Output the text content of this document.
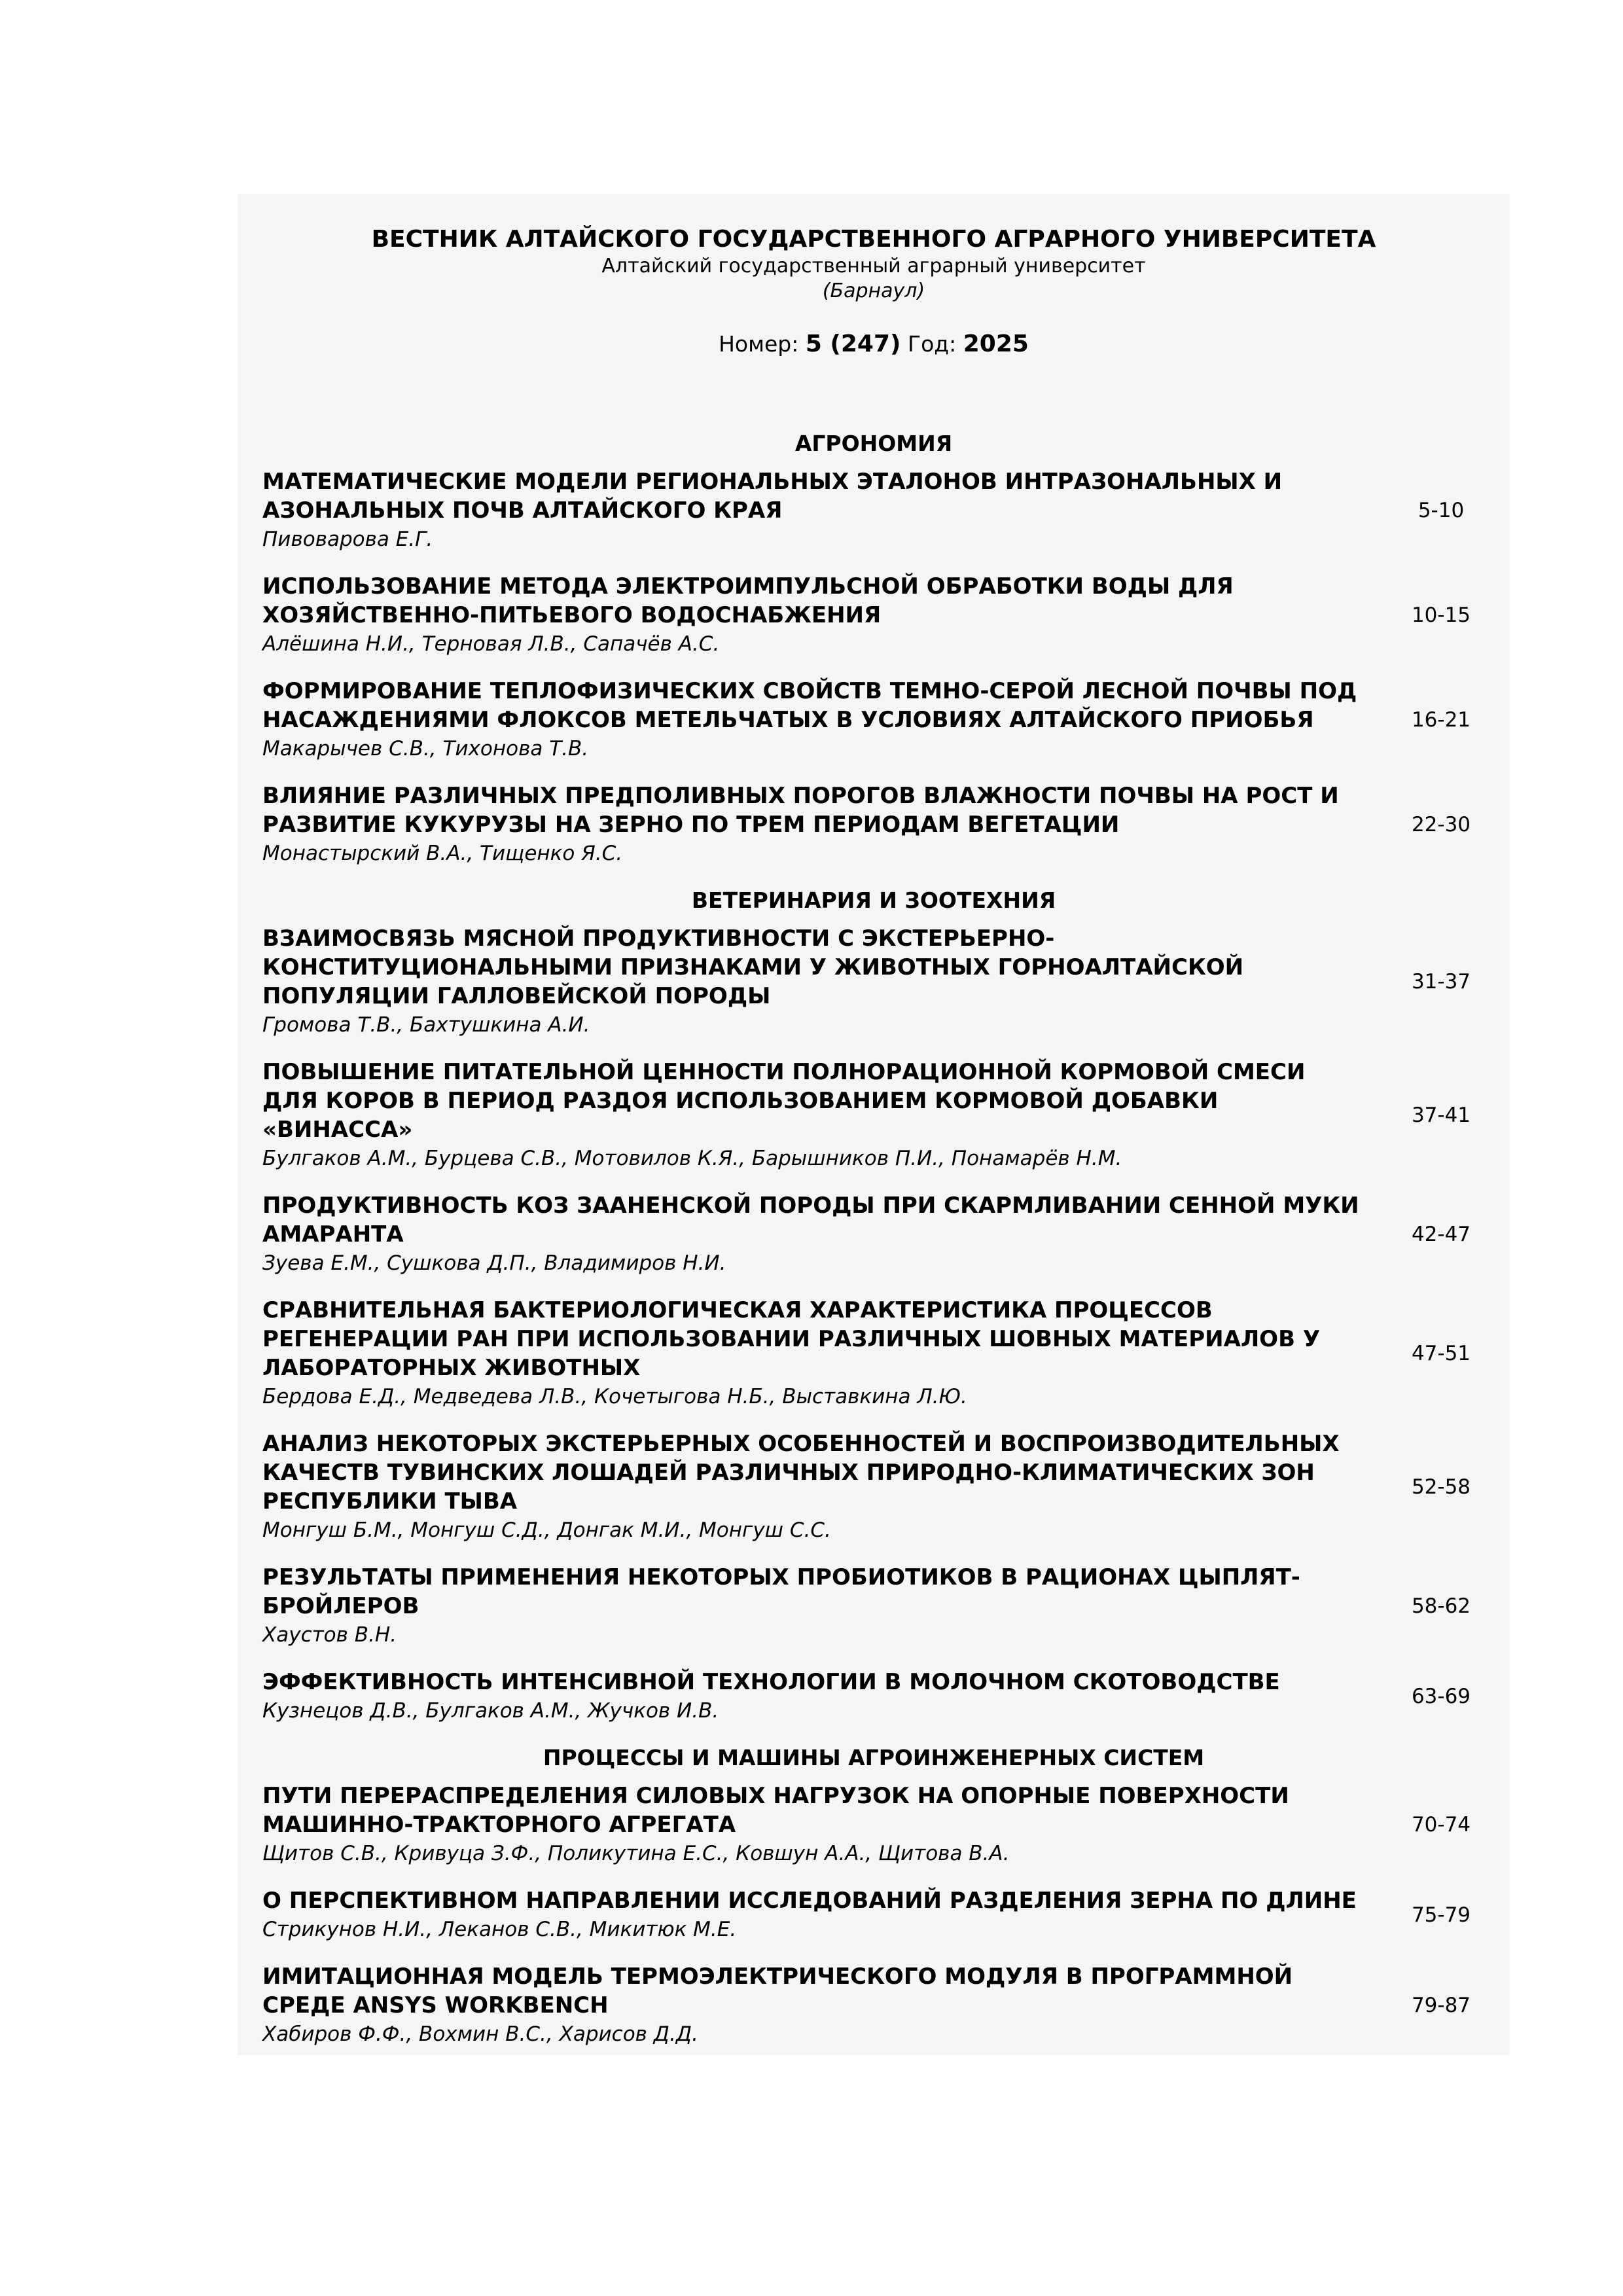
ВЕСТНИК АЛТАЙСКОГО ГОСУДАРСТВЕННОГО АГРАРНОГО УНИВЕРСИТЕТА
Алтайский государственный аграрный университет
(Барнаул)
Номер: 5 (247) Год: 2025
АГРОНОМИЯ
МАТЕМАТИЧЕСКИЕ МОДЕЛИ РЕГИОНАЛЬНЫХ ЭТАЛОНОВ ИНТРАЗОНАЛЬНЫХ И АЗОНАЛЬНЫХ ПОЧВ АЛТАЙСКОГО КРАЯ
Пивоварова Е.Г.
5-10
ИСПОЛЬЗОВАНИЕ МЕТОДА ЭЛЕКТРОИМПУЛЬСНОЙ ОБРАБОТКИ ВОДЫ ДЛЯ ХОЗЯЙСТВЕННО-ПИТЬЕВОГО ВОДОСНАБЖЕНИЯ
Алёшина Н.И., Терновая Л.В., Сапачёв А.С.
10-15
ФОРМИРОВАНИЕ ТЕПЛОФИЗИЧЕСКИХ СВОЙСТВ ТЕМНО-СЕРОЙ ЛЕСНОЙ ПОЧВЫ ПОД НАСАЖДЕНИЯМИ ФЛОКСОВ МЕТЕЛЬЧАТЫХ В УСЛОВИЯХ АЛТАЙСКОГО ПРИОБЬЯ
Макарычев С.В., Тихонова Т.В.
16-21
ВЛИЯНИЕ РАЗЛИЧНЫХ ПРЕДПОЛИВНЫХ ПОРОГОВ ВЛАЖНОСТИ ПОЧВЫ НА РОСТ И РАЗВИТИЕ КУКУРУЗЫ НА ЗЕРНО ПО ТРЕМ ПЕРИОДАМ ВЕГЕТАЦИИ
Монастырский В.А., Тищенко Я.С.
22-30
ВЕТЕРИНАРИЯ И ЗООТЕХНИЯ
ВЗАИМОСВЯЗЬ МЯСНОЙ ПРОДУКТИВНОСТИ С ЭКСТЕРЬЕРНО-КОНСТИТУЦИОНАЛЬНЫМИ ПРИЗНАКАМИ У ЖИВОТНЫХ ГОРНОАЛТАЙСКОЙ ПОПУЛЯЦИИ ГАЛЛОВЕЙСКОЙ ПОРОДЫ
Громова Т.В., Бахтушкина А.И.
31-37
ПОВЫШЕНИЕ ПИТАТЕЛЬНОЙ ЦЕННОСТИ ПОЛНОРАЦИОННОЙ КОРМОВОЙ СМЕСИ ДЛЯ КОРОВ В ПЕРИОД РАЗДОЯ ИСПОЛЬЗОВАНИЕМ КОРМОВОЙ ДОБАВКИ «ВИНАССА»
Булгаков А.М., Бурцева С.В., Мотовилов К.Я., Барышников П.И., Понамарёв Н.М.
37-41
ПРОДУКТИВНОСТЬ КОЗ ЗААНЕНСКОЙ ПОРОДЫ ПРИ СКАРМЛИВАНИИ СЕННОЙ МУКИ АМАРАНТА
Зуева Е.М., Сушкова Д.П., Владимиров Н.И.
42-47
СРАВНИТЕЛЬНАЯ БАКТЕРИОЛОГИЧЕСКАЯ ХАРАКТЕРИСТИКА ПРОЦЕССОВ РЕГЕНЕРАЦИИ РАН ПРИ ИСПОЛЬЗОВАНИИ РАЗЛИЧНЫХ ШОВНЫХ МАТЕРИАЛОВ У ЛАБОРАТОРНЫХ ЖИВОТНЫХ
Бердова Е.Д., Медведева Л.В., Кочетыгова Н.Б., Выставкина Л.Ю.
47-51
АНАЛИЗ НЕКОТОРЫХ ЭКСТЕРЬЕРНЫХ ОСОБЕННОСТЕЙ И ВОСПРОИЗВОДИТЕЛЬНЫХ КАЧЕСТВ ТУВИНСКИХ ЛОШАДЕЙ РАЗЛИЧНЫХ ПРИРОДНО-КЛИМАТИЧЕСКИХ ЗОН РЕСПУБЛИКИ ТЫВА
Монгуш Б.М., Монгуш С.Д., Донгак М.И., Монгуш С.С.
52-58
РЕЗУЛЬТАТЫ ПРИМЕНЕНИЯ НЕКОТОРЫХ ПРОБИОТИКОВ В РАЦИОНАХ ЦЫПЛЯТ-БРОЙЛЕРОВ
Хаустов В.Н.
58-62
ЭФФЕКТИВНОСТЬ ИНТЕНСИВНОЙ ТЕХНОЛОГИИ В МОЛОЧНОМ СКОТОВОДСТВЕ
Кузнецов Д.В., Булгаков А.М., Жучков И.В.
63-69
ПРОЦЕССЫ И МАШИНЫ АГРОИНЖЕНЕРНЫХ СИСТЕМ
ПУТИ ПЕРЕРАСПРЕДЕЛЕНИЯ СИЛОВЫХ НАГРУЗОК НА ОПОРНЫЕ ПОВЕРХНОСТИ МАШИННО-ТРАКТОРНОГО АГРЕГАТА
Щитов С.В., Кривуца З.Ф., Поликутина Е.С., Ковшун А.А., Щитова В.А.
70-74
О ПЕРСПЕКТИВНОМ НАПРАВЛЕНИИ ИССЛЕДОВАНИЙ РАЗДЕЛЕНИЯ ЗЕРНА ПО ДЛИНЕ
Стрикунов Н.И., Леканов С.В., Микитюк М.Е.
75-79
ИМИТАЦИОННАЯ МОДЕЛЬ ТЕРМОЭЛЕКТРИЧЕСКОГО МОДУЛЯ В ПРОГРАММНОЙ СРЕДЕ ANSYS WORKBENCH
Хабиров Ф.Ф., Вохмин В.С., Харисов Д.Д.
79-87
